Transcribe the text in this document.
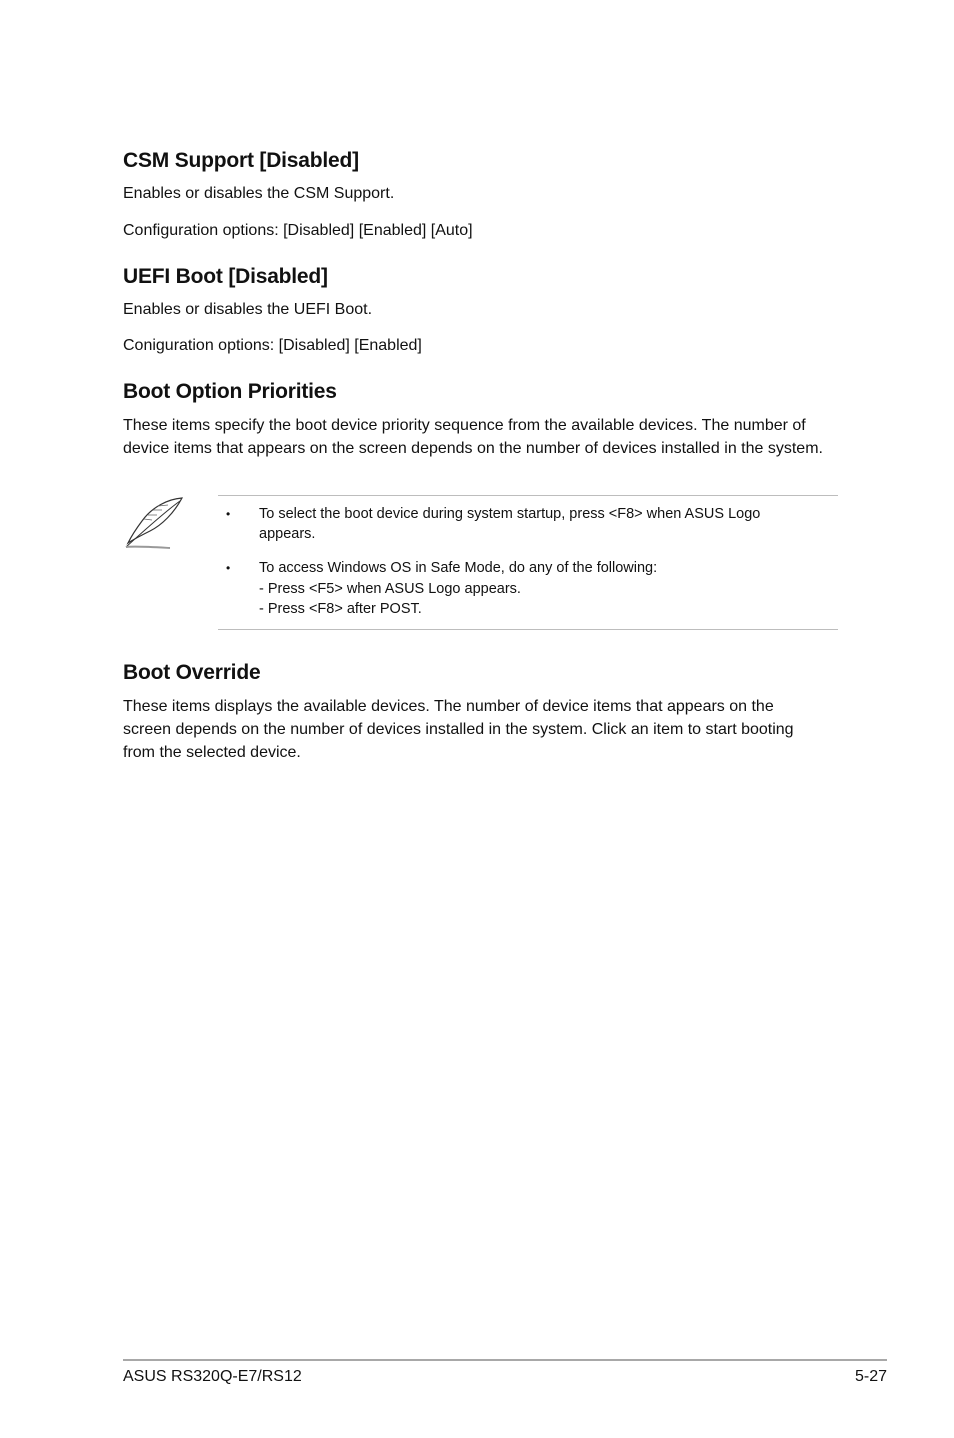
CSM Support [Disabled]

Enables or disables the CSM Support.

Configuration options: [Disabled] [Enabled] [Auto]

UEFI Boot [Disabled]

Enables or disables the UEFI Boot.

Conigurati‌on options: [Disabled] [Enabled]

Boot Option Priorities

These items specify the boot device priority sequence from the available devices. The number of device items that appears on the screen depends on the number of devices installed in the system.

• To select the boot device during system startup, press <F8> when ASUS Logo

appears.

• To access Windows OS in Safe Mode, do any of the following:

- Press <F5> when ASUS Logo appears.

- Press <F8> after POST.

Boot Override

These items displays the available devices. The number of device items that appears on the screen depends on the number of devices installed in the system. Click an item to start booting from the selected device.

ASUS RS320Q-E7/RS12	5-27
